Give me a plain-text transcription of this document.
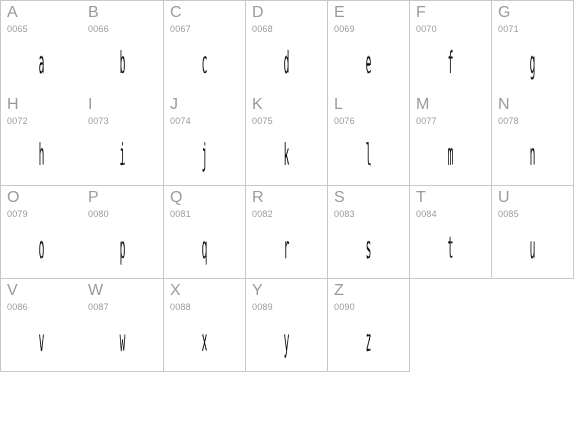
A
0065
a
B
0066
b
C
0067
c
D
0068
d
E
0069
e
F
0070
f
G
0071
g
H
0072
h
I
0073
i
J
0074
j
K
0075
k
L
0076
l
M
0077
m
N
0078
n
O
0079
o
P
0080
p
Q
0081
q
R
0082
r
S
0083
s
T
0084
t
U
0085
u
V
0086
v
W
0087
w
X
0088
x
Y
0089
y
Z
0090
z
